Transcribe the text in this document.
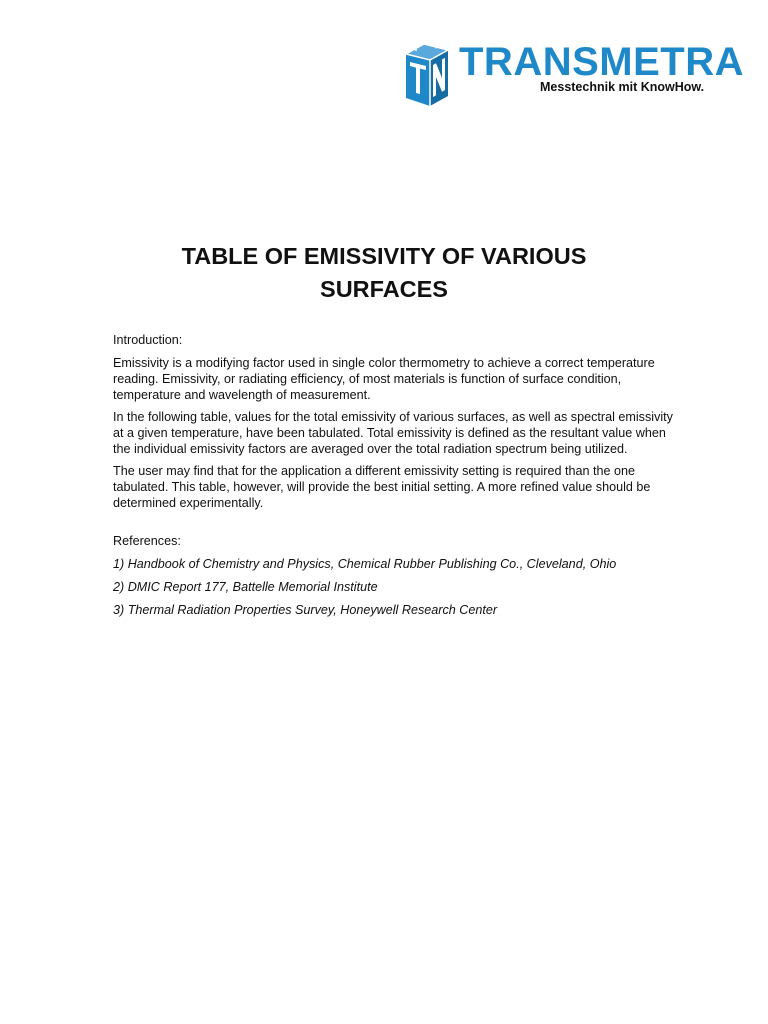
TRANSMETRA
Messtechnik mit KnowHow.
TABLE OF EMISSIVITY OF VARIOUS
SURFACES

Introduction:

Emissivity is a modifying factor used in single color thermometry to achieve a correct temperature reading. Emissivity, or radiating efficiency, of most materials is function of surface condition, temperature and wavelength of measurement.

In the following table, values for the total emissivity of various surfaces, as well as spectral emissivity at a given temperature, have been tabulated. Total emissivity is defined as the resultant value when the individual emissivity factors are averaged over the total radiation spectrum being utilized.

The user may find that for the application a different emissivity setting is required than the one tabulated. This table, however, will provide the best initial setting. A more refined value should be determined experimentally.

References:

1) Handbook of Chemistry and Physics, Chemical Rubber Publishing Co., Cleveland, Ohio

2) DMIC Report 177, Battelle Memorial Institute

3) Thermal Radiation Properties Survey, Honeywell Research Center
